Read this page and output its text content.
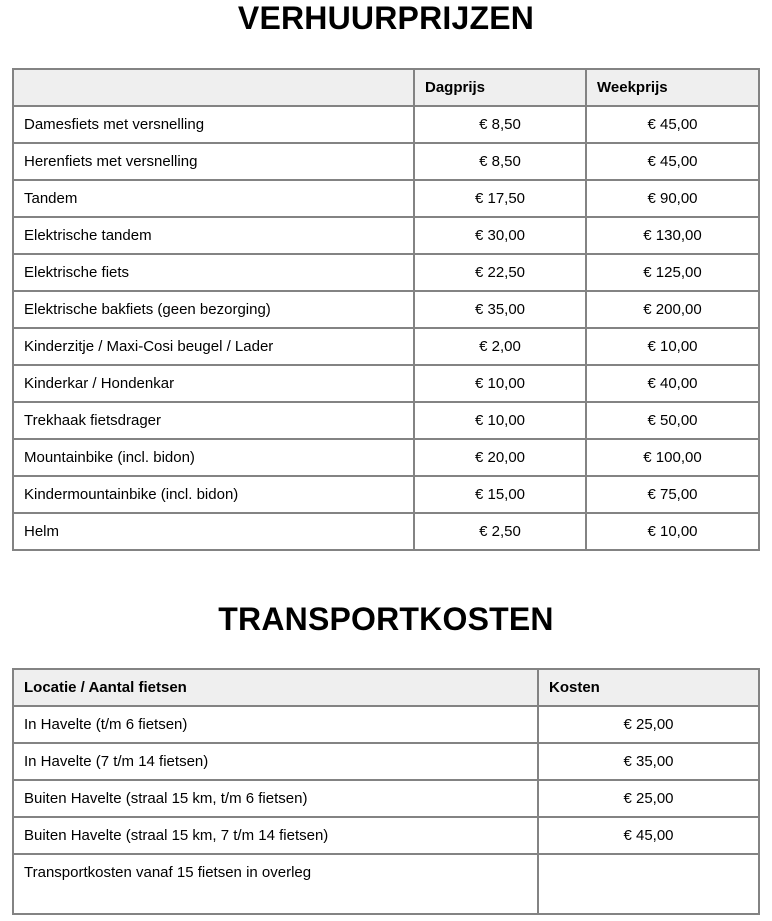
VERHUURPRIJZEN
	Dagprijs	Weekprijs
Damesfiets met versnelling	€ 8,50	€ 45,00
Herenfiets met versnelling	€ 8,50	€ 45,00
Tandem	€ 17,50	€ 90,00
Elektrische tandem	€ 30,00	€ 130,00
Elektrische fiets	€ 22,50	€ 125,00
Elektrische bakfiets (geen bezorging)	€ 35,00	€ 200,00
Kinderzitje / Maxi-Cosi beugel / Lader	€ 2,00	€ 10,00
Kinderkar / Hondenkar	€ 10,00	€ 40,00
Trekhaak fietsdrager	€ 10,00	€ 50,00
Mountainbike (incl. bidon)	€ 20,00	€ 100,00
Kindermountainbike (incl. bidon)	€ 15,00	€ 75,00
Helm	€ 2,50	€ 10,00
TRANSPORTKOSTEN
Locatie / Aantal fietsen	Kosten
In Havelte (t/m 6 fietsen)	€ 25,00
In Havelte (7 t/m 14 fietsen)	€ 35,00
Buiten Havelte (straal 15 km, t/m 6 fietsen)	€ 25,00
Buiten Havelte (straal 15 km, 7 t/m 14 fietsen)	€ 45,00
Transportkosten vanaf 15 fietsen in overleg	
